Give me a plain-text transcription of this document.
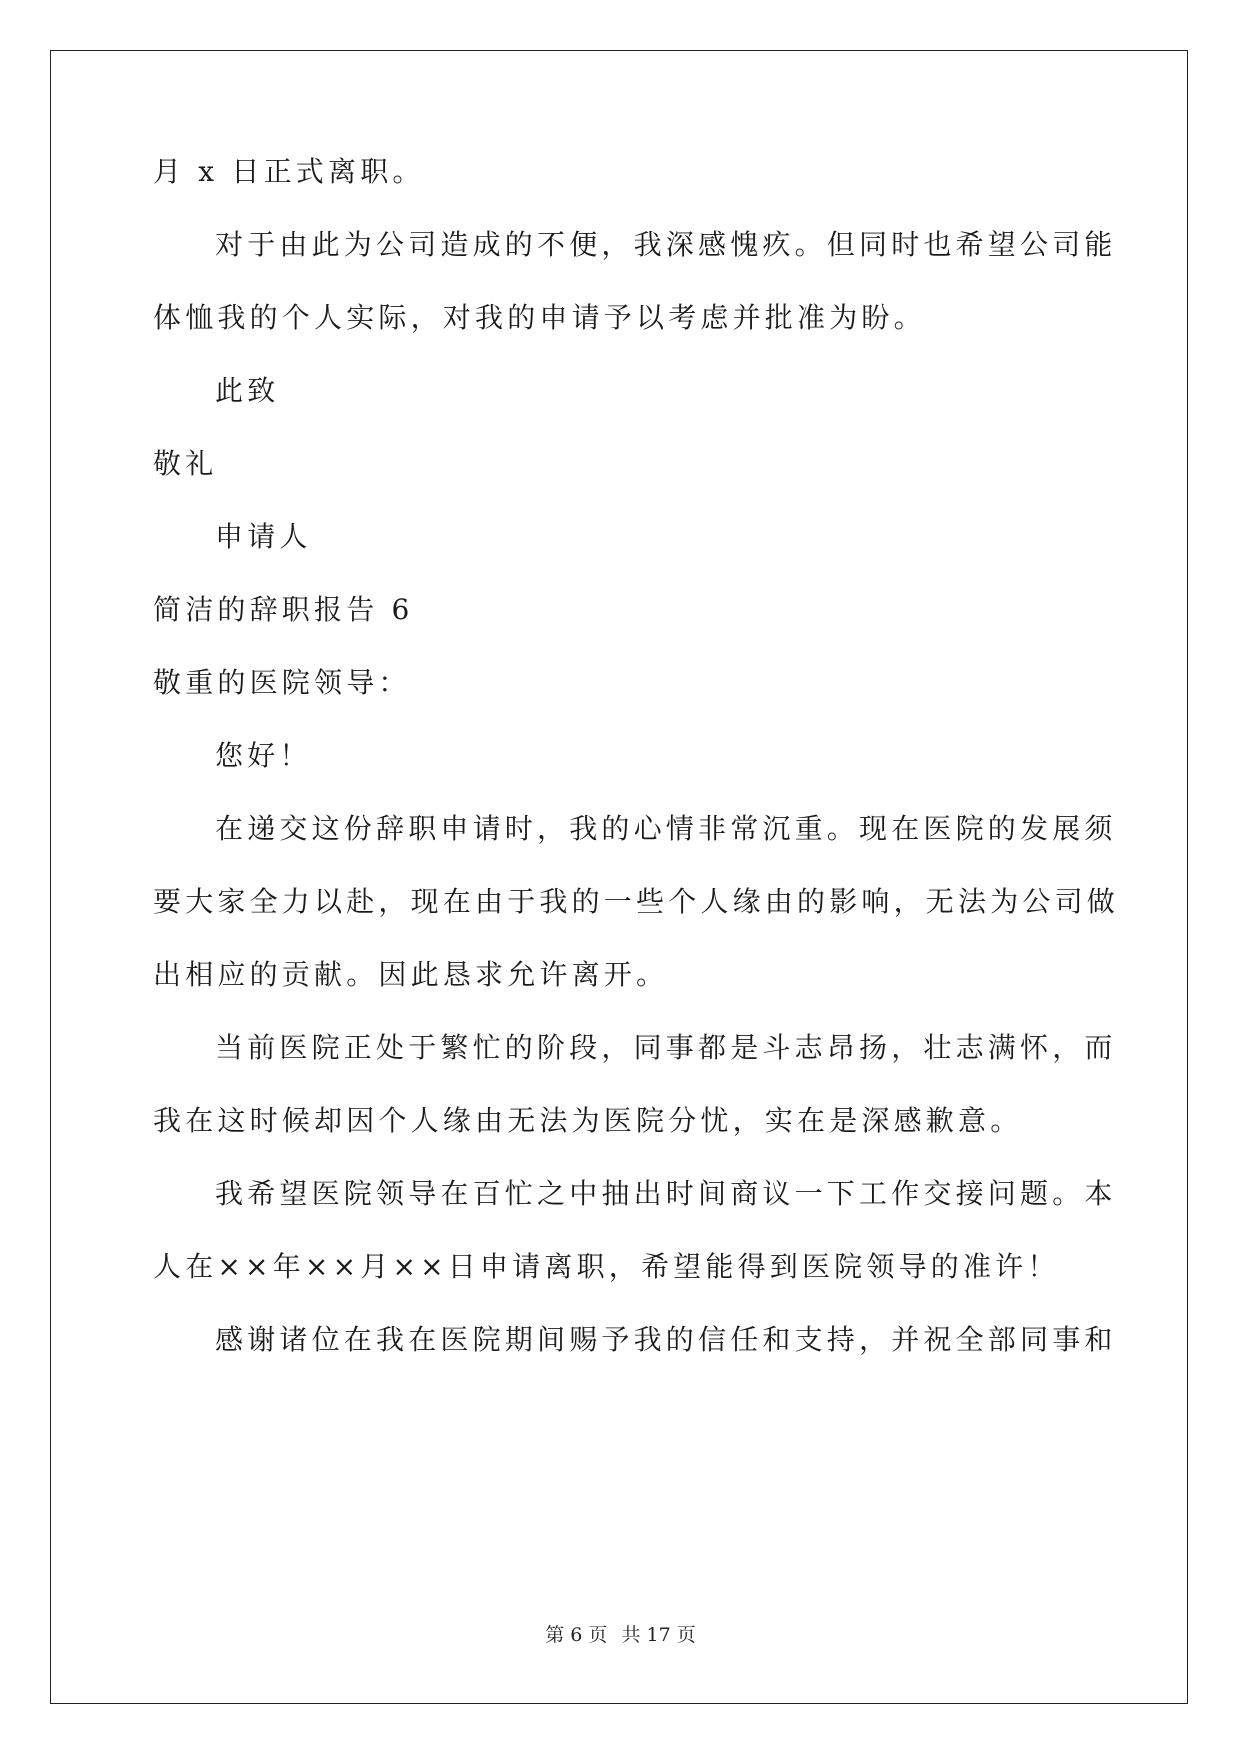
月 x 日正式离职。
对于由此为公司造成的不便，我深感愧疚。但同时也希望公司能
体恤我的个人实际，对我的申请予以考虑并批准为盼。
此致
敬礼
申请人
简洁的辞职报告 6
敬重的医院领导：
您好！
在递交这份辞职申请时，我的心情非常沉重。现在医院的发展须
要大家全力以赴，现在由于我的一些个人缘由的影响，无法为公司做
出相应的贡献。因此恳求允许离开。
当前医院正处于繁忙的阶段，同事都是斗志昂扬，壮志满怀，而
我在这时候却因个人缘由无法为医院分忧，实在是深感歉意。
我希望医院领导在百忙之中抽出时间商议一下工作交接问题。本
人在××年××月××日申请离职，希望能得到医院领导的准许！
感谢诸位在我在医院期间赐予我的信任和支持，并祝全部同事和
第 6 页 共 17 页
